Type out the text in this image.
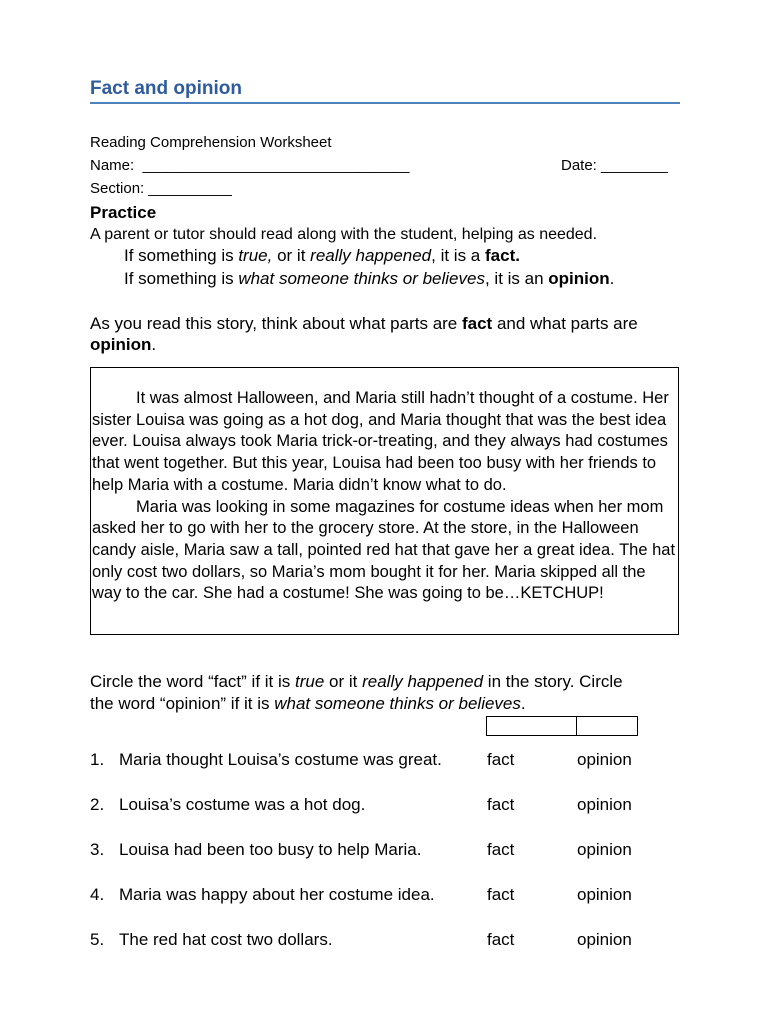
Fact and opinion
Reading Comprehension Worksheet
Name: ________________________________	Date: ________
Section: __________
Practice
A parent or tutor should read along with the student, helping as needed.
If something is true, or it really happened, it is a fact.
If something is what someone thinks or believes, it is an opinion.
As you read this story, think about what parts are fact and what parts are
opinion.

It was almost Halloween, and Maria still hadn’t thought of a costume. Her sister Louisa was going as a hot dog, and Maria thought that was the best idea ever. Louisa always took Maria trick-or-treating, and they always had costumes that went together. But this year, Louisa had been too busy with her friends to help Maria with a costume. Maria didn’t know what to do.

Maria was looking in some magazines for costume ideas when her mom asked her to go with her to the grocery store. At the store, in the Halloween candy aisle, Maria saw a tall, pointed red hat that gave her a great idea. The hat only cost two dollars, so Maria’s mom bought it for her. Maria skipped all the way to the car. She had a costume! She was going to be…KETCHUP!

Circle the word “fact” if it is true or it really happened in the story. Circle
the word “opinion” if it is what someone thinks or believes.
1. Maria thought Louisa’s costume was great.	fact	opinion
2. Louisa’s costume was a hot dog.	fact	opinion
3. Louisa had been too busy to help Maria.	fact	opinion
4. Maria was happy about her costume idea.	fact	opinion
5. The red hat cost two dollars.	fact	opinion
